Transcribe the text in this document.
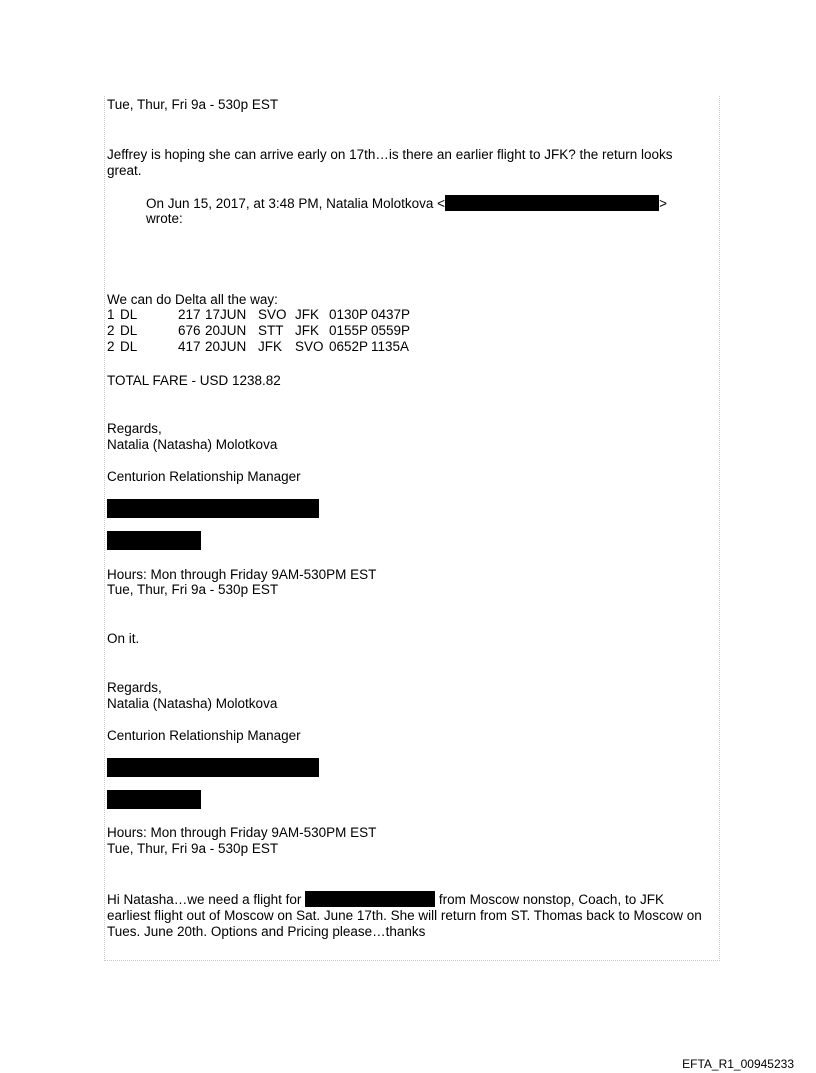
Tue, Thur, Fri 9a - 530p EST
Jeffrey is hoping she can arrive early on 17th…is there an earlier flight to JFK? the return looks great.
On Jun 15, 2017, at 3:48 PM, Natalia Molotkova <	>
wrote:
We can do Delta all the way:
1 DL	217 17JUN SVO JFK 0130P 0437P
2 DL	676 20JUN STT JFK 0155P 0559P
2 DL	417 20JUN JFK SVO 0652P 1135A
TOTAL FARE - USD 1238.82
Regards,
Natalia (Natasha) Molotkova
Centurion Relationship Manager
Hours: Mon through Friday 9AM-530PM EST
Tue, Thur, Fri 9a - 530p EST
On it.
Regards,
Natalia (Natasha) Molotkova
Centurion Relationship Manager
Hours: Mon through Friday 9AM-530PM EST
Tue, Thur, Fri 9a - 530p EST
Hi Natasha…we need a flight for	from Moscow nonstop, Coach, to JFK earliest flight out of Moscow on Sat. June 17th. She will return from ST. Thomas back to Moscow on Tues. June 20th. Options and Pricing please…thanks
EFTA_R1_00945233
